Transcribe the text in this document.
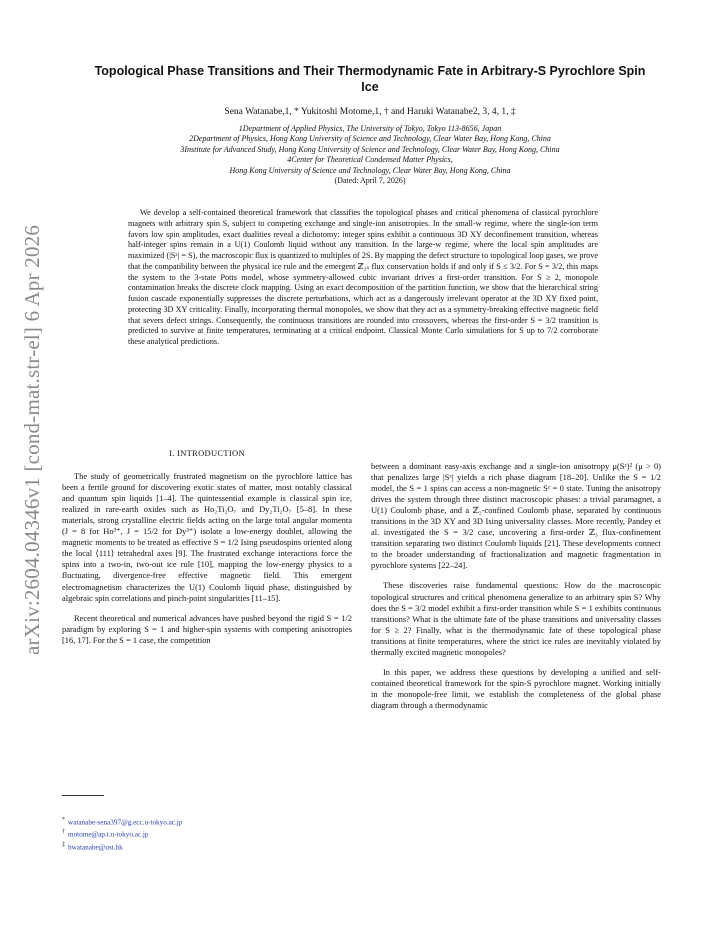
arXiv:2604.04346v1 [cond-mat.str-el] 6 Apr 2026
Topological Phase Transitions and Their Thermodynamic Fate in Arbitrary-S Pyrochlore Spin Ice
Sena Watanabe,1, * Yukitoshi Motome,1, † and Haruki Watanabe2, 3, 4, 1, ‡
1Department of Applied Physics, The University of Tokyo, Tokyo 113-8656, Japan
2Department of Physics, Hong Kong University of Science and Technology, Clear Water Bay, Hong Kong, China
3Institute for Advanced Study, Hong Kong University of Science and Technology, Clear Water Bay, Hong Kong, China
4Center for Theoretical Condensed Matter Physics,
Hong Kong University of Science and Technology, Clear Water Bay, Hong Kong, China
(Dated: April 7, 2026)
We develop a self-contained theoretical framework that classifies the topological phases and critical phenomena of classical pyrochlore magnets with arbitrary spin S, subject to competing exchange and single-ion anisotropies. In the small-w regime, where the single-ion term favors low spin amplitudes, exact dualities reveal a dichotomy: integer spins exhibit a continuous 3D XY deconfinement transition, whereas half-integer spins remain in a U(1) Coulomb liquid without any transition. In the large-w regime, where the local spin amplitudes are maximized (|Sᶻ| = S), the macroscopic flux is quantized to multiples of 2S. By mapping the defect structure to topological loop gases, we prove that the compatibility between the physical ice rule and the emergent ℤ₂ₛ flux conservation holds if and only if S ≤ 3/2. For S = 3/2, this maps the system to the 3-state Potts model, whose symmetry-allowed cubic invariant drives a first-order transition. For S ≥ 2, monopole contamination breaks the discrete clock mapping. Using an exact decomposition of the partition function, we show that the hierarchical string fusion cascade exponentially suppresses the discrete perturbations, which act as a dangerously irrelevant operator at the 3D XY fixed point, protecting 3D XY criticality. Finally, incorporating thermal monopoles, we show that they act as a symmetry-breaking effective magnetic field that severs defect strings. Consequently, the continuous transitions are rounded into crossovers, whereas the first-order S = 3/2 transition is predicted to survive at finite temperatures, terminating at a critical endpoint. Classical Monte Carlo simulations for S up to 7/2 corroborate these analytical predictions.
I. INTRODUCTION

The study of geometrically frustrated magnetism on the pyrochlore lattice has been a fertile ground for discovering exotic states of matter, most notably classical and quantum spin liquids [1–4]. The quintessential example is classical spin ice, realized in rare-earth oxides such as Ho₂Ti₂O₇ and Dy₂Ti₂O₇ [5–8]. In these materials, strong crystalline electric fields acting on the large total angular momenta (J = 8 for Ho³⁺, J = 15/2 for Dy³⁺) isolate a low-energy doublet, allowing the magnetic moments to be treated as effective S = 1/2 Ising pseudospins oriented along the local ⟨111⟩ tetrahedral axes [9]. The frustrated exchange interactions force the spins into a two-in, two-out ice rule [10], mapping the low-energy physics to a fluctuating, divergence-free effective magnetic field. This emergent electromagnetism characterizes the U(1) Coulomb liquid phase, distinguished by algebraic spin correlations and pinch-point singularities [11–15].

Recent theoretical and numerical advances have pushed beyond the rigid S = 1/2 paradigm by exploring S = 1 and higher-spin systems with competing anisotropies [16, 17]. For the S = 1 case, the competition

between a dominant easy-axis exchange and a single-ion anisotropy μ(Sᶻ)² (μ > 0) that penalizes large |Sᶻ| yields a rich phase diagram [18–20]. Unlike the S = 1/2 model, the S = 1 spins can access a non-magnetic Sᶻ = 0 state. Tuning the anisotropy drives the system through three distinct macroscopic phases: a trivial paramagnet, a U(1) Coulomb phase, and a ℤ₂-confined Coulomb phase, separated by continuous transitions in the 3D XY and 3D Ising universality classes. More recently, Pandey et al. investigated the S = 3/2 case, uncovering a first-order ℤ₃ flux-confinement transition separating two distinct Coulomb liquids [21]. These developments connect to the broader understanding of fractionalization and magnetic fragmentation in pyrochlore systems [22–24].

These discoveries raise fundamental questions: How do the macroscopic topological structures and critical phenomena generalize to an arbitrary spin S? Why does the S = 3/2 model exhibit a first-order transition while S = 1 exhibits continuous transitions? What is the ultimate fate of the phase transitions and universality classes for S ≥ 2? Finally, what is the thermodynamic fate of these topological phase transitions at finite temperatures, where the strict ice rules are inevitably violated by thermally excited magnetic monopoles?

In this paper, we address these questions by developing a unified and self-contained theoretical framework for the spin-S pyrochlore magnet. Working initially in the monopole-free limit, we establish the completeness of the global phase diagram through a thermodynamic

* watanabe-sena397@g.ecc.u-tokyo.ac.jp
† motome@ap.t.u-tokyo.ac.jp
‡ hwatanabe@ust.hk
